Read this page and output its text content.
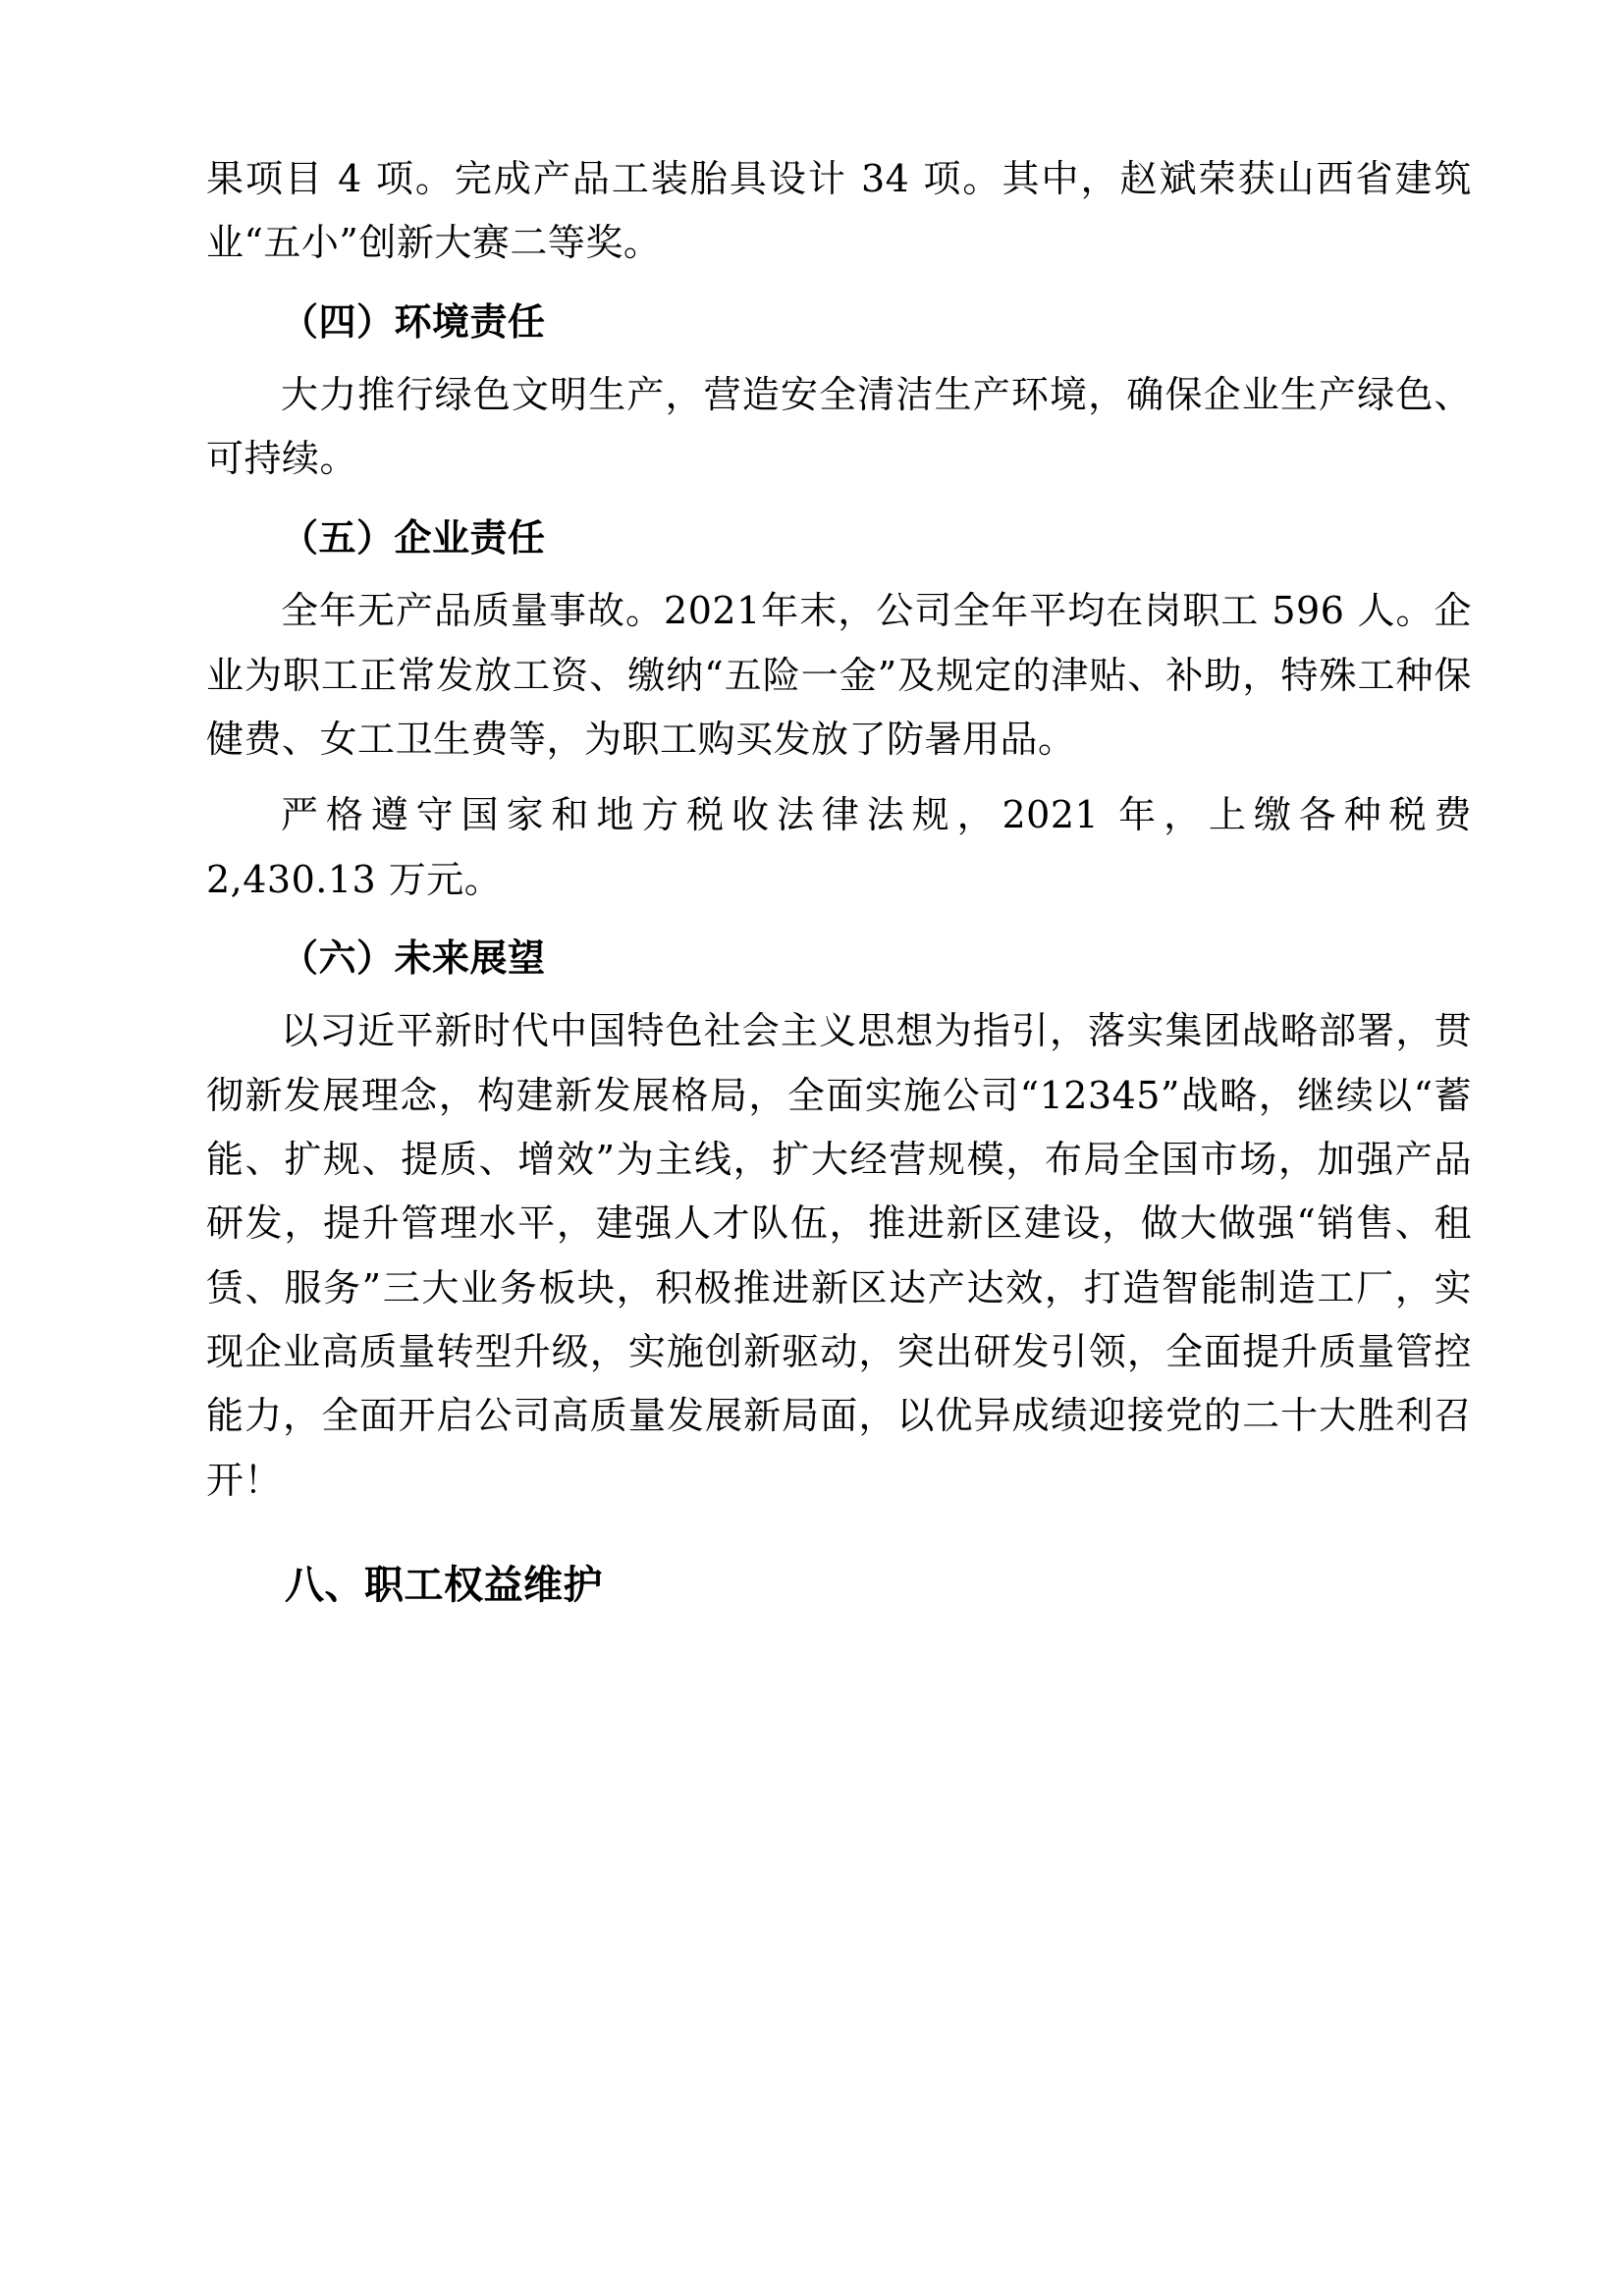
果项目 4 项。完成产品工装胎具设计 34 项。其中，赵斌荣获山西省建筑业“五小”创新大赛二等奖。

（四）环境责任

大力推行绿色文明生产，营造安全清洁生产环境，确保企业生产绿色、可持续。

（五）企业责任

全年无产品质量事故。2021年末，公司全年平均在岗职工 596 人。企业为职工正常发放工资、缴纳“五险一金”及规定的津贴、补助，特殊工种保健费、女工卫生费等，为职工购买发放了防暑用品。

严格遵守国家和地方税收法律法规，2021 年，上缴各种税费 2,430.13 万元。

（六）未来展望

以习近平新时代中国特色社会主义思想为指引，落实集团战略部署，贯彻新发展理念，构建新发展格局，全面实施公司“12345”战略，继续以“蓄能、扩规、提质、增效”为主线，扩大经营规模，布局全国市场，加强产品研发，提升管理水平，建强人才队伍，推进新区建设，做大做强“销售、租赁、服务”三大业务板块，积极推进新区达产达效，打造智能制造工厂，实现企业高质量转型升级，实施创新驱动，突出研发引领，全面提升质量管控能力，全面开启公司高质量发展新局面，以优异成绩迎接党的二十大胜利召开！

八、职工权益维护
